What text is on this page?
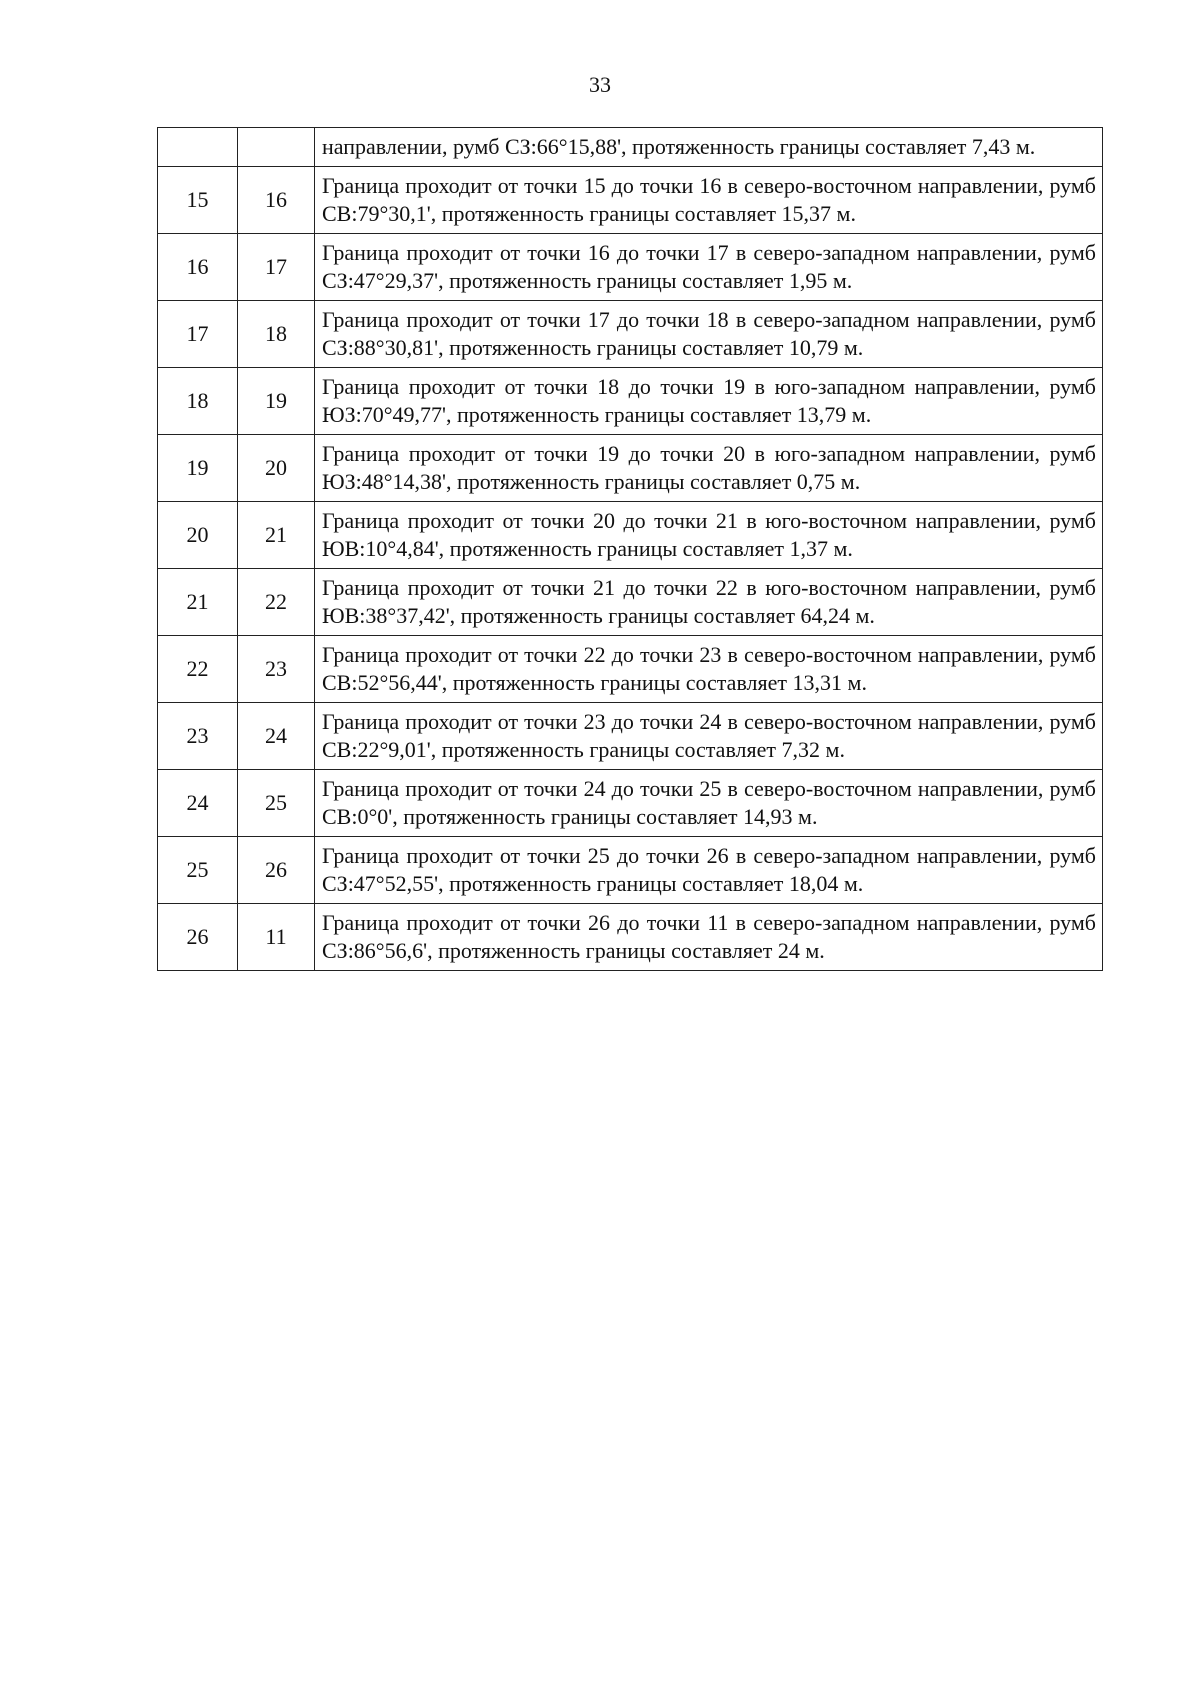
33
		направлении, румб СЗ:66°15,88', протяженность границы составляет 7,43 м.
15	16	Граница проходит от точки 15 до точки 16 в северо-восточном направлении, румб СВ:79°30,1', протяженность границы составляет 15,37 м.
16	17	Граница проходит от точки 16 до точки 17 в северо-западном направлении, румб СЗ:47°29,37', протяженность границы составляет 1,95 м.
17	18	Граница проходит от точки 17 до точки 18 в северо-западном направлении, румб СЗ:88°30,81', протяженность границы составляет 10,79 м.
18	19	Граница проходит от точки 18 до точки 19 в юго-западном направлении, румб ЮЗ:70°49,77', протяженность границы составляет 13,79 м.
19	20	Граница проходит от точки 19 до точки 20 в юго-западном направлении, румб ЮЗ:48°14,38', протяженность границы составляет 0,75 м.
20	21	Граница проходит от точки 20 до точки 21 в юго-восточном направлении, румб ЮВ:10°4,84', протяженность границы составляет 1,37 м.
21	22	Граница проходит от точки 21 до точки 22 в юго-восточном направлении, румб ЮВ:38°37,42', протяженность границы составляет 64,24 м.
22	23	Граница проходит от точки 22 до точки 23 в северо-восточном направлении, румб СВ:52°56,44', протяженность границы составляет 13,31 м.
23	24	Граница проходит от точки 23 до точки 24 в северо-восточном направлении, румб СВ:22°9,01', протяженность границы составляет 7,32 м.
24	25	Граница проходит от точки 24 до точки 25 в северо-восточном направлении, румб СВ:0°0', протяженность границы составляет 14,93 м.
25	26	Граница проходит от точки 25 до точки 26 в северо-западном направлении, румб СЗ:47°52,55', протяженность границы составляет 18,04 м.
26	11	Граница проходит от точки 26 до точки 11 в северо-западном направлении, румб СЗ:86°56,6', протяженность границы составляет 24 м.
